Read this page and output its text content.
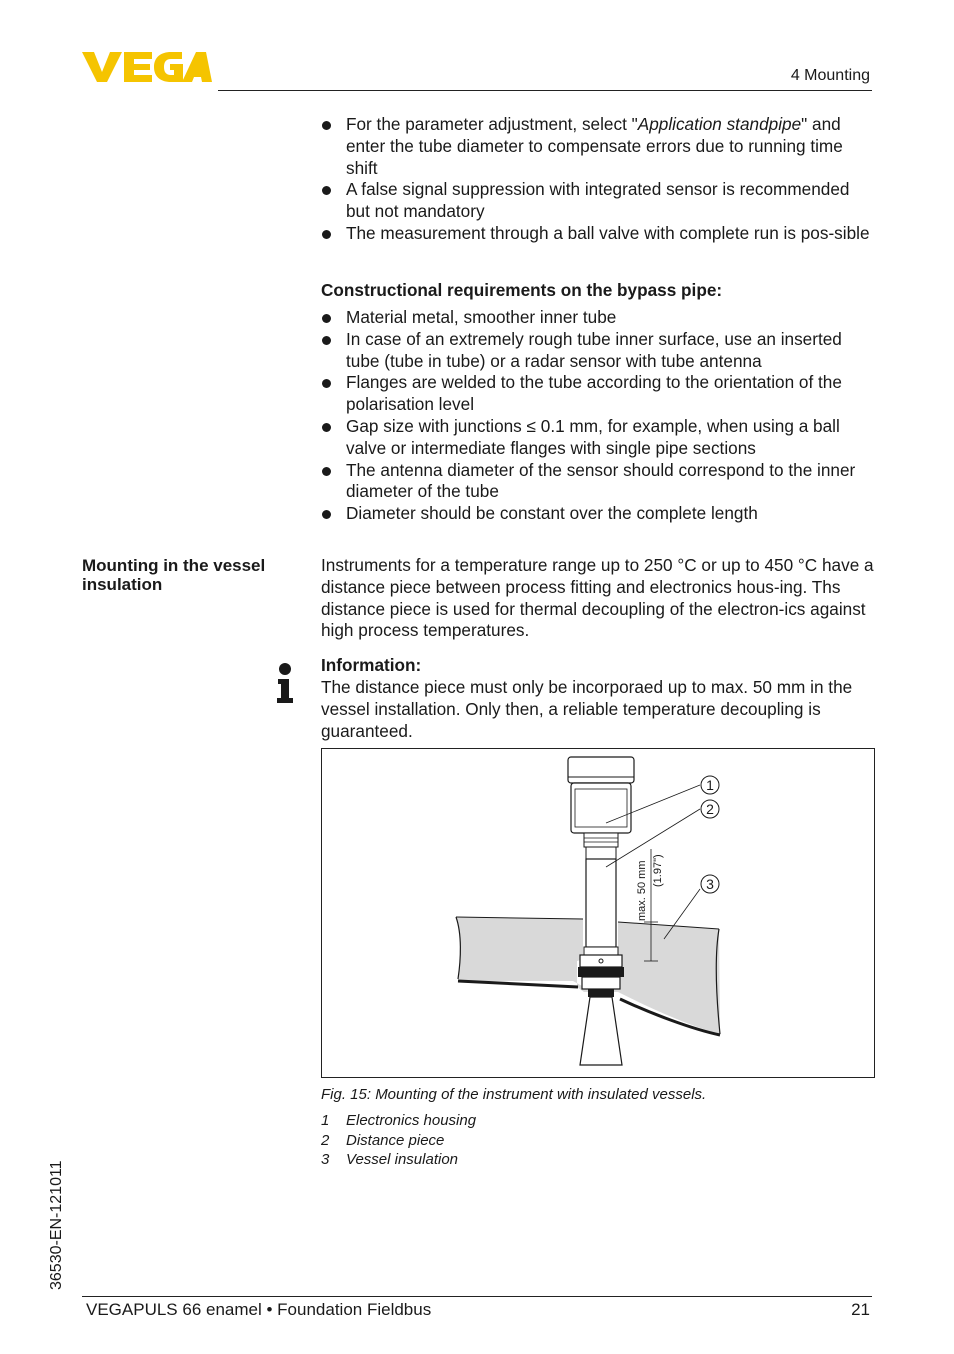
4 Mounting
For the parameter adjustment, select "Application standpipe" and enter the tube diameter to compensate errors due to running time shift
A false signal suppression with integrated sensor is recommended but not mandatory
The measurement through a ball valve with complete run is pos-sible
Constructional requirements on the bypass pipe:
Material metal, smoother inner tube
In case of an extremely rough tube inner surface, use an inserted tube (tube in tube) or a radar sensor with tube antenna
Flanges are welded to the tube according to the orientation of the polarisation level
Gap size with junctions ≤ 0.1 mm, for example, when using a ball valve or intermediate flanges with single pipe sections
The antenna diameter of the sensor should correspond to the inner diameter of the tube
Diameter should be constant over the complete length
Mounting in the vessel insulation
Instruments for a temperature range up to 250 °C or up to 450 °C have a distance piece between process fitting and electronics hous-ing. Ths distance piece is used for thermal decoupling of the electron-ics against high process temperatures.
Information:
The distance piece must only be incorporaed up to max. 50 mm in the vessel installation. Only then, a reliable temperature decoupling is guaranteed.
max. 50 mm (1.97")
1
2
3
Fig. 15: Mounting of the instrument with insulated vessels.
1 Electronics housing
2 Distance piece
3 Vessel insulation
36530-EN-121011
VEGAPULS 66 enamel • Foundation Fieldbus	21
